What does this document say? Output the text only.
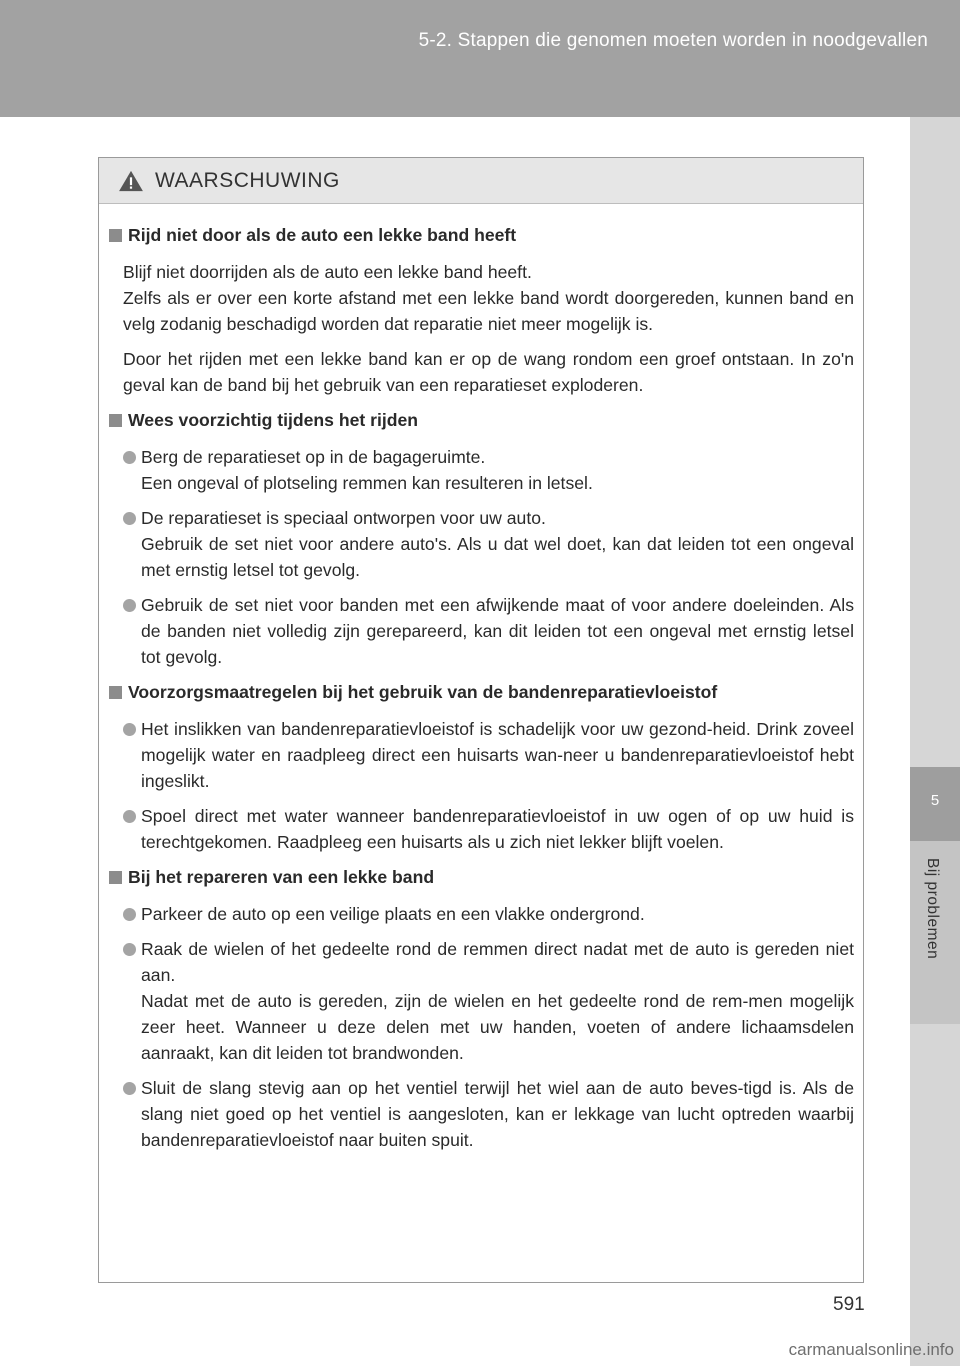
5-2. Stappen die genomen moeten worden in noodgevallen
5
Bij problemen
WAARSCHUWING
Rijd niet door als de auto een lekke band heeft

Blijf niet doorrijden als de auto een lekke band heeft.

Zelfs als er over een korte afstand met een lekke band wordt doorgereden, kunnen band en velg zodanig beschadigd worden dat reparatie niet meer mogelijk is.

Door het rijden met een lekke band kan er op de wang rondom een groef ontstaan. In zo'n geval kan de band bij het gebruik van een reparatieset exploderen.

Wees voorzichtig tijdens het rijden

Berg de reparatieset op in de bagageruimte.

Een ongeval of plotseling remmen kan resulteren in letsel.

De reparatieset is speciaal ontworpen voor uw auto.

Gebruik de set niet voor andere auto's. Als u dat wel doet, kan dat leiden tot een ongeval met ernstig letsel tot gevolg.

Gebruik de set niet voor banden met een afwijkende maat of voor andere doeleinden. Als de banden niet volledig zijn gerepareerd, kan dit leiden tot een ongeval met ernstig letsel tot gevolg.

Voorzorgsmaatregelen bij het gebruik van de bandenreparatievloeistof

Het inslikken van bandenreparatievloeistof is schadelijk voor uw gezond-heid. Drink zoveel mogelijk water en raadpleeg direct een huisarts wan-neer u bandenreparatievloeistof hebt ingeslikt.

Spoel direct met water wanneer bandenreparatievloeistof in uw ogen of op uw huid is terechtgekomen. Raadpleeg een huisarts als u zich niet lekker blijft voelen.

Bij het repareren van een lekke band

Parkeer de auto op een veilige plaats en een vlakke ondergrond.

Raak de wielen of het gedeelte rond de remmen direct nadat met de auto is gereden niet aan.

Nadat met de auto is gereden, zijn de wielen en het gedeelte rond de rem-men mogelijk zeer heet. Wanneer u deze delen met uw handen, voeten of andere lichaamsdelen aanraakt, kan dit leiden tot brandwonden.

Sluit de slang stevig aan op het ventiel terwijl het wiel aan de auto beves-tigd is. Als de slang niet goed op het ventiel is aangesloten, kan er lekkage van lucht optreden waarbij bandenreparatievloeistof naar buiten spuit.

591
carmanualsonline.info
